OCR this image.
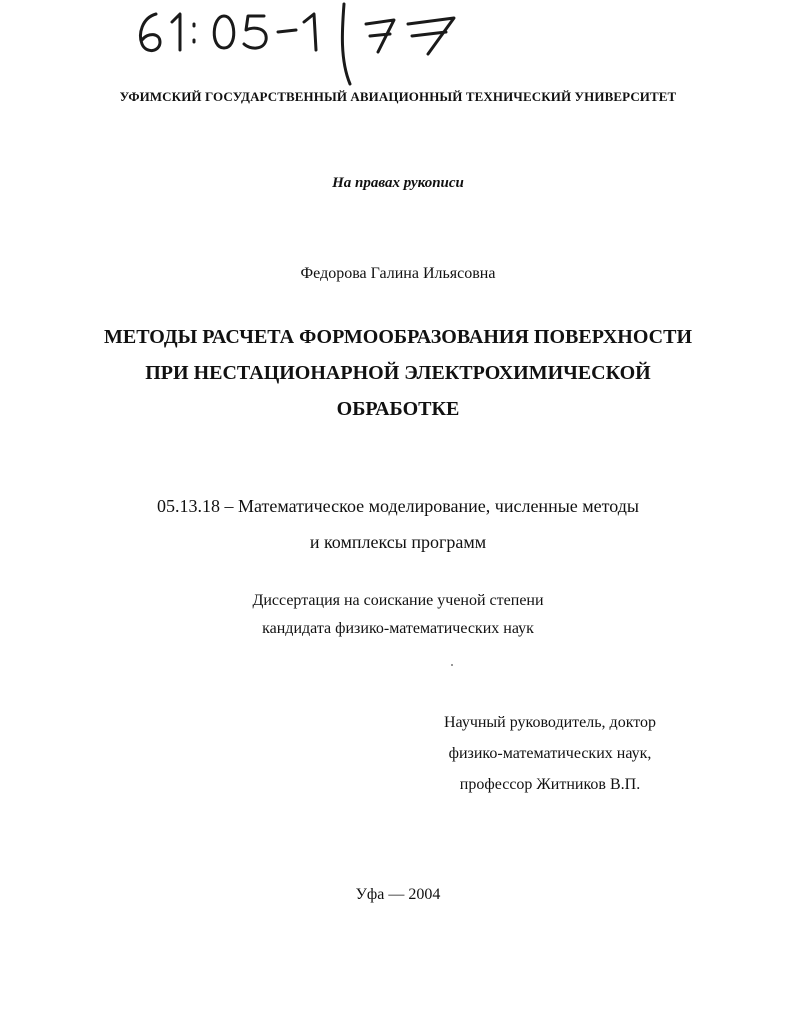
УФИМСКИЙ ГОСУДАРСТВЕННЫЙ АВИАЦИОННЫЙ ТЕХНИЧЕСКИЙ УНИВЕРСИТЕТ
На правах рукописи
Федорова Галина Ильясовна
МЕТОДЫ РАСЧЕТА ФОРМООБРАЗОВАНИЯ ПОВЕРХНОСТИ
ПРИ НЕСТАЦИОНАРНОЙ ЭЛЕКТРОХИМИЧЕСКОЙ
ОБРАБОТКЕ
05.13.18 – Математическое моделирование, численные методы
и комплексы программ
Диссертация на соискание ученой степени
кандидата физико-математических наук
Научный руководитель, доктор
физико-математических наук,
профессор Житников В.П.
Уфа — 2004
